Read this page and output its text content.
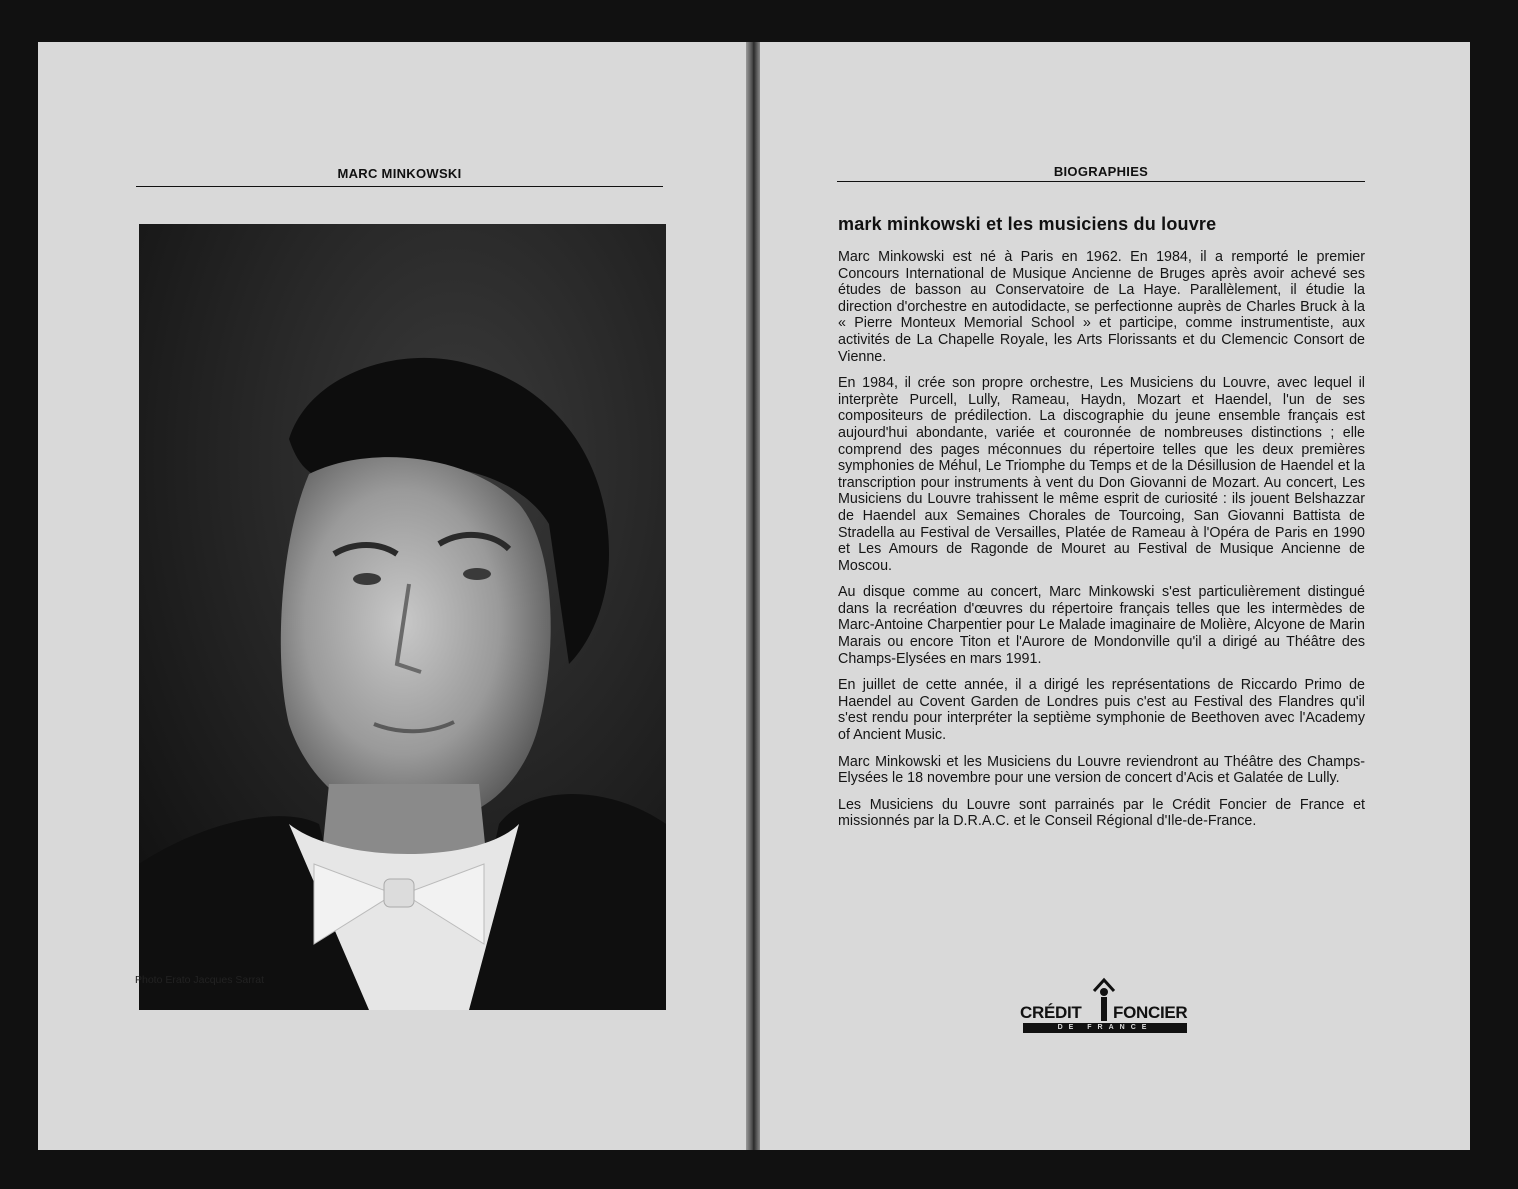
MARC MINKOWSKI
Photo Erato Jacques Sarrat
BIOGRAPHIES
mark minkowski et les musiciens du louvre

Marc Minkowski est né à Paris en 1962. En 1984, il a remporté le premier Concours International de Musique Ancienne de Bruges après avoir achevé ses études de basson au Conservatoire de La Haye. Parallèlement, il étudie la direction d'orchestre en autodidacte, se perfectionne auprès de Charles Bruck à la « Pierre Monteux Memorial School » et participe, comme instrumentiste, aux activités de La Chapelle Royale, les Arts Florissants et du Clemencic Consort de Vienne.

En 1984, il crée son propre orchestre, Les Musiciens du Louvre, avec lequel il interprète Purcell, Lully, Rameau, Haydn, Mozart et Haendel, l'un de ses compositeurs de prédilection. La discographie du jeune ensemble français est aujourd'hui abondante, variée et couronnée de nombreuses distinctions ; elle comprend des pages méconnues du répertoire telles que les deux premières symphonies de Méhul, Le Triomphe du Temps et de la Désillusion de Haendel et la transcription pour instruments à vent du Don Giovanni de Mozart. Au concert, Les Musiciens du Louvre trahissent le même esprit de curiosité : ils jouent Belshazzar de Haendel aux Semaines Chorales de Tourcoing, San Giovanni Battista de Stradella au Festival de Versailles, Platée de Rameau à l'Opéra de Paris en 1990 et Les Amours de Ragonde de Mouret au Festival de Musique Ancienne de Moscou.

Au disque comme au concert, Marc Minkowski s'est particulièrement distingué dans la recréation d'œuvres du répertoire français telles que les intermèdes de Marc-Antoine Charpentier pour Le Malade imaginaire de Molière, Alcyone de Marin Marais ou encore Titon et l'Aurore de Mondonville qu'il a dirigé au Théâtre des Champs-Elysées en mars 1991.

En juillet de cette année, il a dirigé les représentations de Riccardo Primo de Haendel au Covent Garden de Londres puis c'est au Festival des Flandres qu'il s'est rendu pour interpréter la septième symphonie de Beethoven avec l'Academy of Ancient Music.

Marc Minkowski et les Musiciens du Louvre reviendront au Théâtre des Champs-Elysées le 18 novembre pour une version de concert d'Acis et Galatée de Lully.

Les Musiciens du Louvre sont parrainés par le Crédit Foncier de France et missionnés par la D.R.A.C. et le Conseil Régional d'Ile-de-France.

CRÉDIT FONCIER
DE FRANCE
